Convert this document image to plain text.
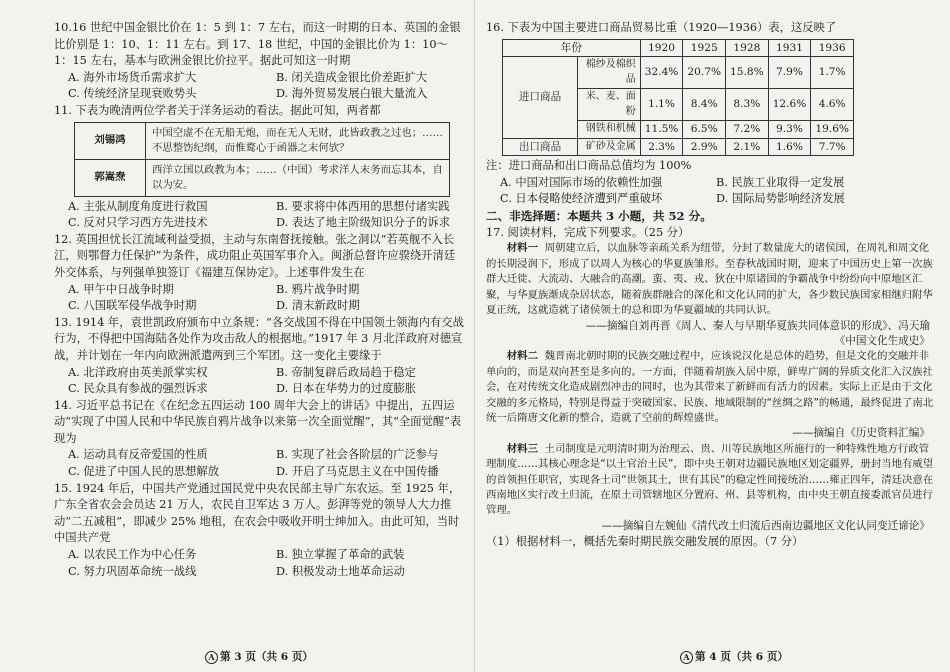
10.16 世纪中国金银比价在 1：5 到 1：7 左右，而这一时期的日本、英国的金银比价别是 1：10、1：11 左右。到 17、18 世纪，中国的金银比价为 1：10～1：15 左右，基本与欧洲金银比价拉平。据此可知这一时期

A. 海外市场货币需求扩大	B. 闭关造成金银比价差距扩大
C. 传统经济呈现衰败势头	D. 海外贸易发展白银大量流入

11. 下表为晚清两位学者关于洋务运动的看法。据此可知，两者都

刘锡鸿	中国空虚不在无船无炮，而在无人无财，此皆政教之过也；……不思整饬纪纲，而惟鹜心于函器之末何欤？
郭嵩焘	西洋立国以政教为本；……（中国）考求洋人末务而忘其本，自以为安。
A. 主张从制度角度进行救国	B. 要求将中体西用的思想付诸实践
C. 反对只学习西方先进技术	D. 表达了地主阶级知识分子的诉求

12. 英国担忧长江流域利益受损，主动与东南督抚接触。张之洞以“若英舰不入长江，则鄂督力任保护”为条件，成功阻止英国军事介入。闽浙总督许应骙绕开清廷外交体系，与列强单独签订《福建互保协定》。上述事件发生在

A. 甲午中日战争时期	B. 鸦片战争时期
C. 八国联军侵华战争时期	D. 清末新政时期

13. 1914 年，袁世凯政府颁布中立条规：“各交战国不得在中国领土领海内有交战行为，不得把中国海陆各处作为攻击敌人的根据地。”1917 年 3 月北洋政府对德宣战，并计划在一年内向欧洲派遣两到三个军团。这一变化主要缘于

A. 北洋政府由英美派掌实权	B. 帝制复辟后政局趋于稳定
C. 民众具有参战的强烈诉求	D. 日本在华势力的过度膨胀

14. 习近平总书记在《在纪念五四运动 100 周年大会上的讲话》中提出，五四运动“实现了中国人民和中华民族自鸦片战争以来第一次全面觉醒”，其“全面觉醒”表现为

A. 运动具有反帝爱国的性质	B. 实现了社会各阶层的广泛参与
C. 促进了中国人民的思想解放	D. 开启了马克思主义在中国传播

15. 1924 年后，中国共产党通过国民党中央农民部主导广东农运。至 1925 年，广东全省农会会员达 21 万人，农民自卫军达 3 万人。彭湃等党的领导人大力推动“二五减租”，即减少 25% 地租，在农会中吸收开明士绅加入。由此可知，当时中国共产党

A. 以农民工作为中心任务	B. 独立掌握了革命的武装
C. 努力巩固革命统一战线	D. 积极发动土地革命运动
A 第 3 页（共 6 页）

16. 下表为中国主要进口商品贸易比重（1920—1936）表，这反映了

年份		1920	1925	1928	1931	1936
进口商品	棉纱及棉织品	32.4%	20.7%	15.8%	7.9%	1.7%
	米、麦、面粉	1.1%	8.4%	8.3%	12.6%	4.6%
	钢铁和机械	11.5%	6.5%	7.2%	9.3%	19.6%
出口商品	矿砂及金属	2.3%	2.9%	2.1%	1.6%	7.7%

注：进口商品和出口商品总值均为 100%

A. 中国对国际市场的依赖性加强	B. 民族工业取得一定发展
C. 日本侵略使经济遭到严重破坏	D. 国际局势影响经济发展

二、非选择题：本题共 3 小题，共 52 分。

17. 阅读材料，完成下列要求。（25 分）

材料一 周朝建立后，以血脉等亲疏关系为纽带，分封了数量庞大的诸侯国，在周礼和周文化的长期浸润下，形成了以周人为核心的华夏族雏形。至春秋战国时期，迎来了中国历史上第一次族群大迁徙、大流动、大融合的高潮。蛮、夷、戎、狄在中原诸国的争霸战争中纷纷向中原地区汇聚，与华夏族渐成杂居状态，随着族群融合的深化和文化认同的扩大，各少数民族国家相继归附华夏正统，这就造就了诸侯领土的总和即为华夏疆域的共同认识。

——摘编自刘再晋《周人、秦人与早期华夏族共同体意识的形成》、冯天瑜

《中国文化生成史》

材料二 魏晋南北朝时期的民族交融过程中，应该说汉化是总体的趋势，但是文化的交融并非单向的，而是双向甚至是多向的。一方面，伴随着胡族入居中原，鲜卑广阔的异质文化汇入汉族社会，在对传统文化造成剧烈冲击的同时，也为其带来了新鲜而有活力的因素。实际上正是由于文化交融的多元格局，特别是得益于突破国家、民族、地域限制的“丝绸之路”的畅通，最终促进了南北统一后隋唐文化新的整合，造就了空前的辉煌盛世。

——摘编自《历史资料汇编》

材料三 土司制度是元明清时期为治理云、贵、川等民族地区所施行的一种特殊性地方行政管理制度……其核心理念是“以土官治土民”，即中央王朝对边疆民族地区划定疆界，册封当地有威望的首领担任职官，实现各土司“世领其土，世有其民”的稳定性间接统治……雍正四年，清廷决意在西南地区实行改土归流，在原土司管辖地区分置府、州、县等机构，由中央王朝直接委派官员进行管理。

——摘编自左婉仙《清代改土归流后西南边疆地区文化认同变迁谛论》

（1）根据材料一，概括先秦时期民族交融发展的原因。（7 分）

A 第 4 页（共 6 页）
